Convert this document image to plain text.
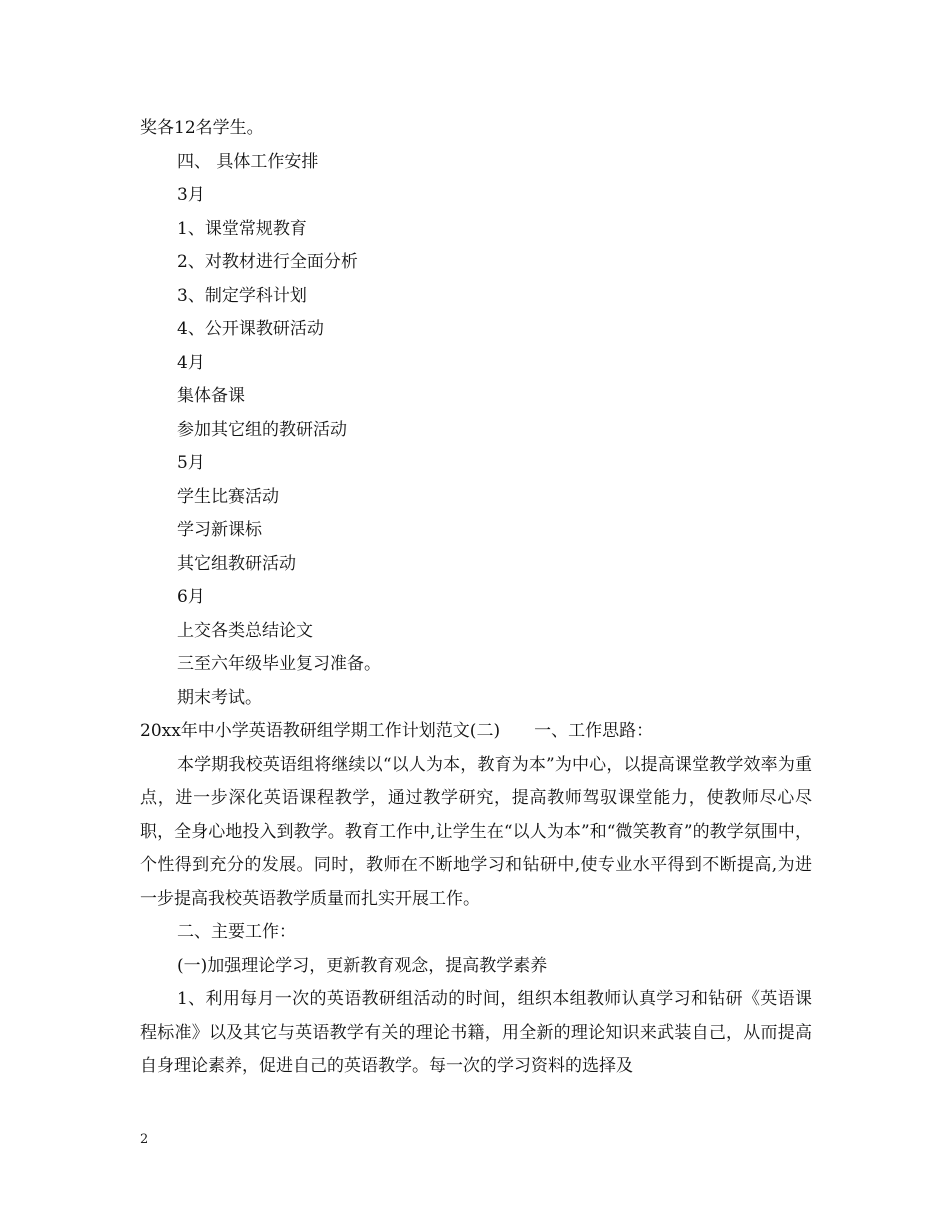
奖各12名学生。
四、 具体工作安排
3月
1、课堂常规教育
2、对教材进行全面分析
3、制定学科计划
4、公开课教研活动
4月
集体备课
参加其它组的教研活动
5月
学生比赛活动
学习新课标
其它组教研活动
6月
上交各类总结论文
三至六年级毕业复习准备。
期末考试。
20xx年中小学英语教研组学期工作计划范文(二) 一、工作思路：
本学期我校英语组将继续以“以人为本，教育为本”为中心，以提高课堂教学效率为重点，进一步深化英语课程教学，通过教学研究，提高教师驾驭课堂能力，使教师尽心尽职，全身心地投入到教学。教育工作中,让学生在“以人为本”和“微笑教育”的教学氛围中，个性得到充分的发展。同时，教师在不断地学习和钻研中,使专业水平得到不断提高,为进一步提高我校英语教学质量而扎实开展工作。
二、主要工作：
(一)加强理论学习，更新教育观念，提高教学素养
1、利用每月一次的英语教研组活动的时间，组织本组教师认真学习和钻研《英语课程标准》以及其它与英语教学有关的理论书籍，用全新的理论知识来武装自己，从而提高自身理论素养，促进自己的英语教学。每一次的学习资料的选择及
2
